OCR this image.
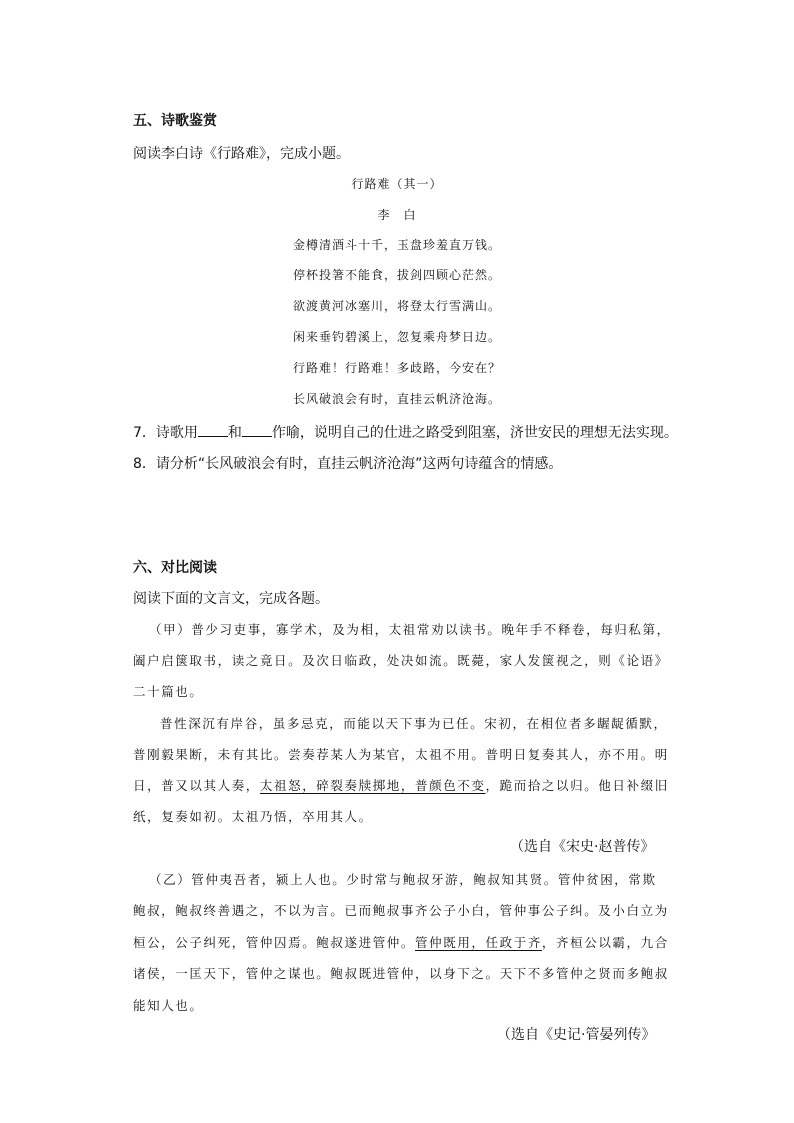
五、诗歌鉴赏
阅读李白诗《行路难》，完成小题。
行路难（其一）
李　白
金樽清酒斗十千，玉盘珍羞直万钱。
停杯投箸不能食，拔剑四顾心茫然。
欲渡黄河冰塞川，将登太行雪满山。
闲来垂钓碧溪上，忽复乘舟梦日边。
行路难！行路难！多歧路，今安在？
长风破浪会有时，直挂云帆济沧海。
7．诗歌用 和 作喻，说明自己的仕进之路受到阻塞，济世安民的理想无法实现。
8．请分析“长风破浪会有时，直挂云帆济沧海”这两句诗蕴含的情感。
六、对比阅读
阅读下面的文言文，完成各题。
（甲）普少习吏事，寡学术，及为相，太祖常劝以读书。晚年手不释卷，每归私第，
阖户启箧取书，读之竟日。及次日临政，处决如流。既薨，家人发箧视之，则《论语》
二十篇也。
普性深沉有岸谷，虽多忌克，而能以天下事为已任。宋初，在相位者多龌龊循默，
普刚毅果断，未有其比。尝奏荐某人为某官，太祖不用。普明日复奏其人，亦不用。明
日，普又以其人奏，太祖怒，碎裂奏牍掷地，普颜色不变，跪而拾之以归。他日补缀旧
纸，复奏如初。太祖乃悟，卒用其人。
（选自《宋史·赵普传》
（乙）管仲夷吾者，颍上人也。少时常与鲍叔牙游，鲍叔知其贤。管仲贫困，常欺
鲍叔，鲍叔终善遇之，不以为言。已而鲍叔事齐公子小白，管仲事公子纠。及小白立为
桓公，公子纠死，管仲囚焉。鲍叔遂进管仲。管仲既用，任政于齐，齐桓公以霸，九合
诸侯，一匡天下，管仲之谋也。鲍叔既进管仲，以身下之。天下不多管仲之贤而多鲍叔
能知人也。
（选自《史记·管晏列传》
